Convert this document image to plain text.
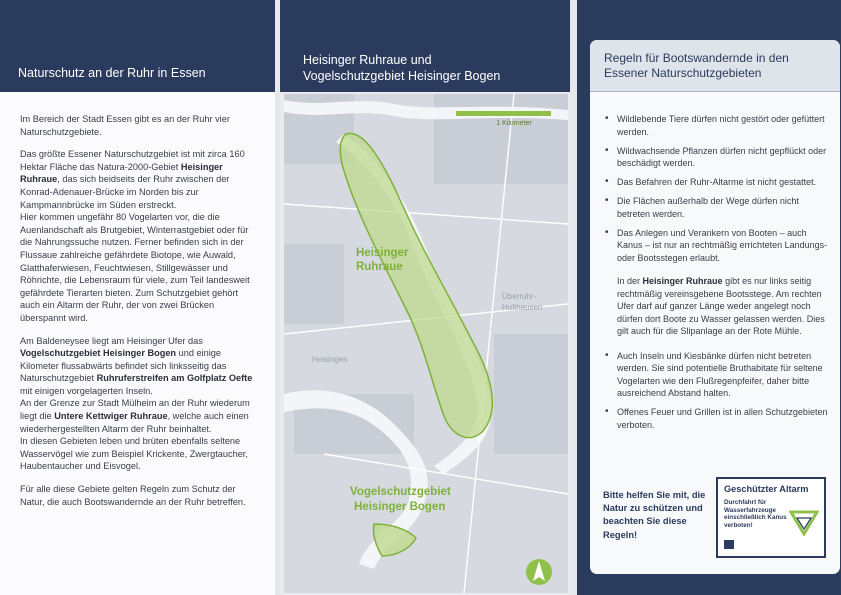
Naturschutz an der Ruhr in Essen

Im Bereich der Stadt Essen gibt es an der Ruhr vier Naturschutzgebiete.

Das größte Essener Naturschutzgebiet ist mit zirca 160 Hektar Fläche das Natura-2000-Gebiet Heisinger Ruhraue, das sich beidseits der Ruhr zwischen der Konrad-Adenauer-Brücke im Norden bis zur Kampmannbrücke im Süden erstreckt.
Hier kommen ungefähr 80 Vogelarten vor, die die Auenlandschaft als Brutgebiet, Winterrastgebiet oder für die Nahrungssuche nutzen. Ferner befinden sich in der Flussaue zahlreiche gefährdete Biotope, wie Auwald, Glatthaferwiesen, Feuchtwiesen, Stillgewässer und Röhrichte, die Lebensraum für viele, zum Teil landesweit gefährdete Tierarten bieten. Zum Schutzgebiet gehört auch ein Altarm der Ruhr, der von zwei Brücken überspannt wird.

Am Baldeneysee liegt am Heisinger Ufer das Vogelschutzgebiet Heisinger Bogen und einige Kilometer flussabwärts befindet sich linksseitig das Naturschutzgebiet Ruhruferstreifen am Golfplatz Oefte mit einigen vorgelagerten Inseln.
An der Grenze zur Stadt Mülheim an der Ruhr wiederum liegt die Untere Kettwiger Ruhraue, welche auch einen wiederhergestellten Altarm der Ruhr beinhaltet.
In diesen Gebieten leben und brüten ebenfalls seltene Wasservögel wie zum Beispiel Krickente, Zwergtaucher, Haubentaucher und Eisvogel.

Für alle diese Gebiete gelten Regeln zum Schutz der Natur, die auch Bootswandernde an der Ruhr betreffen.

Heisinger Ruhraue und
Vogelschutzgebiet Heisinger Bogen
1 Kilometer
Überruhr-
Holthausen
Heisingen
Heisinger
Ruhraue
Vogelschutzgebiet
Heisinger Bogen
Regeln für Bootswandernde in den Essener Naturschutzgebieten
• Wildlebende Tiere dürfen nicht gestört oder gefüttert werden.
• Wildwachsende Pflanzen dürfen nicht gepflückt oder beschädigt werden.
• Das Befahren der Ruhr-Altarme ist nicht gestattet.
• Die Flächen außerhalb der Wege dürfen nicht betreten werden.
• Das Anlegen und Verankern von Booten – auch Kanus – ist nur an rechtmäßig errichteten Landungs- oder Bootsstegen erlaubt.
In der Heisinger Ruhraue gibt es nur links seitig rechtmäßig vereinsgebene Bootsstege. Am rechten Ufer darf auf ganzer Länge weder angelegt noch dürfen dort Boote zu Wasser gelassen werden. Dies gilt auch für die Slipanlage an der Rote Mühle.
• Auch Inseln und Kiesbänke dürfen nicht betreten werden. Sie sind potentielle Bruthabitate für seltene Vogelarten wie den Flußregenpfeifer, daher bitte ausreichend Abstand halten.
• Offenes Feuer und Grillen ist in allen Schutzgebieten verboten.
Bitte helfen Sie mit, die Natur zu schützen und beachten Sie diese Regeln!
Geschützter Altarm
Durchfahrt für Wasserfahrzeuge einschließlich Kanus verboten!
